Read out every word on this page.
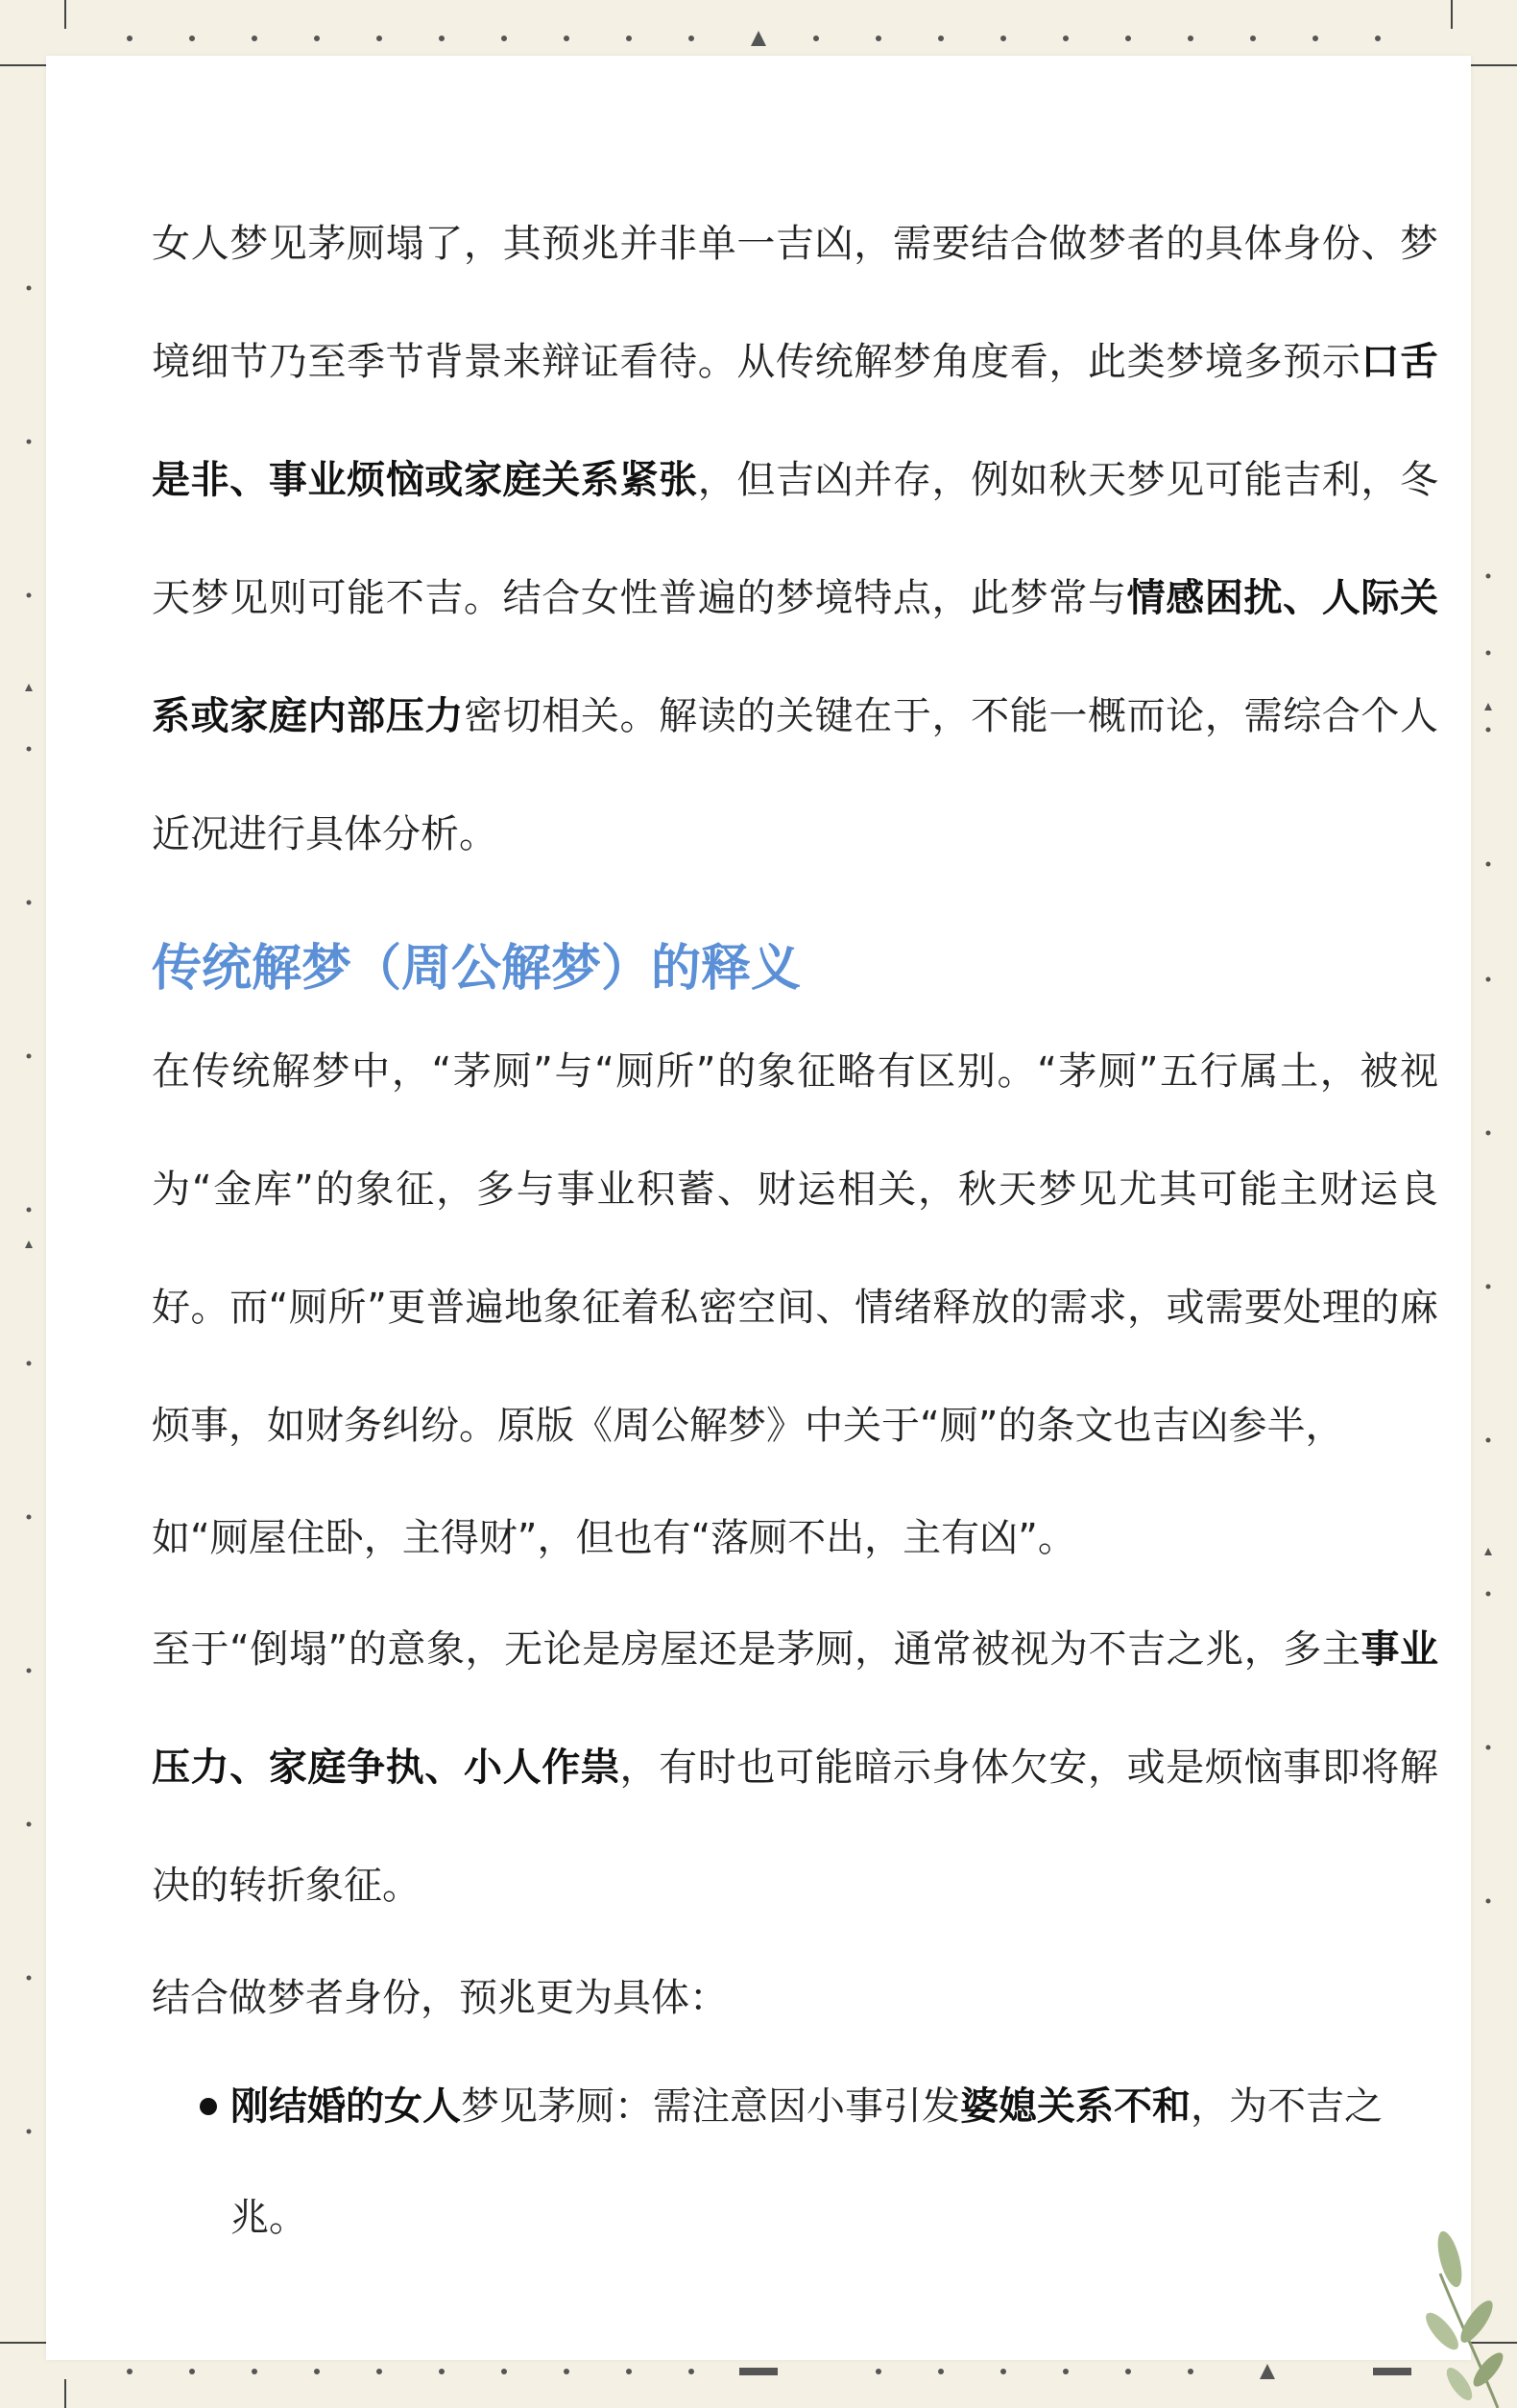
女人梦见茅厕塌了，其预兆并非单一吉凶，需要结合做梦者的具体身份、梦境细节乃至季节背景来辩证看待。从传统解梦角度看，此类梦境多预示口舌是非、事业烦恼或家庭关系紧张，但吉凶并存，例如秋天梦见可能吉利，冬天梦见则可能不吉。结合女性普遍的梦境特点，此梦常与情感困扰、人际关系或家庭内部压力密切相关。解读的关键在于，不能一概而论，需综合个人近况进行具体分析。

传统解梦（周公解梦）的释义

在传统解梦中，“茅厕”与“厕所”的象征略有区别。“茅厕”五行属土，被视为“金库”的象征，多与事业积蓄、财运相关，秋天梦见尤其可能主财运良好。而“厕所”更普遍地象征着私密空间、情绪释放的需求，或需要处理的麻烦事，如财务纠纷。原版《周公解梦》中关于“厕”的条文也吉凶参半，

如“厕屋住卧，主得财”，但也有“落厕不出，主有凶”。

至于“倒塌”的意象，无论是房屋还是茅厕，通常被视为不吉之兆，多主事业压力、家庭争执、小人作祟，有时也可能暗示身体欠安，或是烦恼事即将解决的转折象征。

结合做梦者身份，预兆更为具体：

刚结婚的女人梦见茅厕：需注意因小事引发婆媳关系不和，为不吉之兆。
